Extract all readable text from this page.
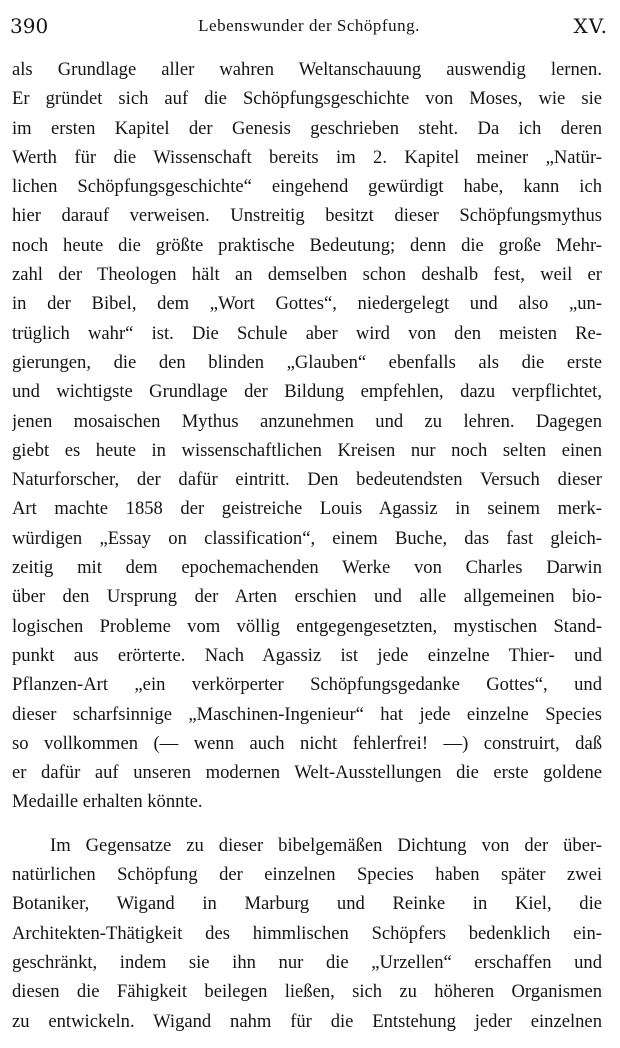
390	Lebenswunder der Schöpfung.	XV.
als Grundlage aller wahren Weltanschauung auswendig lernen.
Er gründet sich auf die Schöpfungsgeschichte von Moses, wie sie
im ersten Kapitel der Genesis geschrieben steht. Da ich deren
Werth für die Wissenschaft bereits im 2. Kapitel meiner „Natür-
lichen Schöpfungsgeschichte“ eingehend gewürdigt habe, kann ich
hier darauf verweisen. Unstreitig besitzt dieser Schöpfungsmythus
noch heute die größte praktische Bedeutung; denn die große Mehr-
zahl der Theologen hält an demselben schon deshalb fest, weil er
in der Bibel, dem „Wort Gottes“, niedergelegt und also „un-
trüglich wahr“ ist. Die Schule aber wird von den meisten Re-
gierungen, die den blinden „Glauben“ ebenfalls als die erste
und wichtigste Grundlage der Bildung empfehlen, dazu verpflichtet,
jenen mosaischen Mythus anzunehmen und zu lehren. Dagegen
giebt es heute in wissenschaftlichen Kreisen nur noch selten einen
Naturforscher, der dafür eintritt. Den bedeutendsten Versuch dieser
Art machte 1858 der geistreiche Louis Agassiz in seinem merk-
würdigen „Essay on classification“, einem Buche, das fast gleich-
zeitig mit dem epochemachenden Werke von Charles Darwin
über den Ursprung der Arten erschien und alle allgemeinen bio-
logischen Probleme vom völlig entgegengesetzten, mystischen Stand-
punkt aus erörterte. Nach Agassiz ist jede einzelne Thier- und
Pflanzen-Art „ein verkörperter Schöpfungsgedanke Gottes“, und
dieser scharfsinnige „Maschinen-Ingenieur“ hat jede einzelne Species
so vollkommen (— wenn auch nicht fehlerfrei! —) construirt, daß
er dafür auf unseren modernen Welt-Ausstellungen die erste goldene
Medaille erhalten könnte.
Im Gegensatze zu dieser bibelgemäßen Dichtung von der über-
natürlichen Schöpfung der einzelnen Species haben später zwei
Botaniker, Wigand in Marburg und Reinke in Kiel, die
Architekten-Thätigkeit des himmlischen Schöpfers bedenklich ein-
geschränkt, indem sie ihn nur die „Urzellen“ erschaffen und
diesen die Fähigkeit beilegen ließen, sich zu höheren Organismen
zu entwickeln. Wigand nahm für die Entstehung jeder einzelnen
